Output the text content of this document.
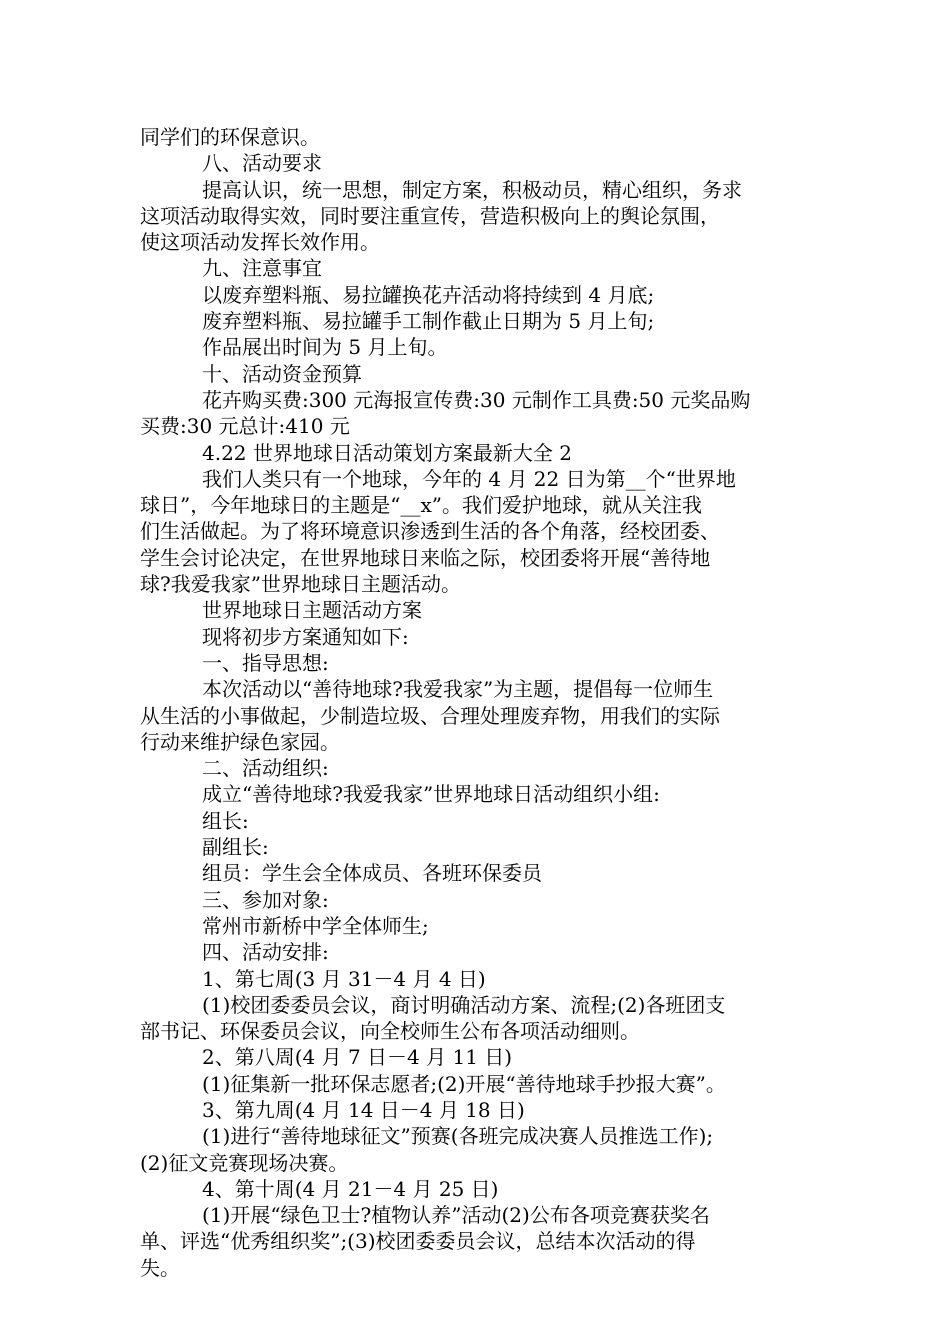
同学们的环保意识。
八、活动要求
提高认识，统一思想，制定方案，积极动员，精心组织，务求
这项活动取得实效，同时要注重宣传，营造积极向上的舆论氛围，
使这项活动发挥长效作用。
九、注意事宜
以废弃塑料瓶、易拉罐换花卉活动将持续到 4 月底;
废弃塑料瓶、易拉罐手工制作截止日期为 5 月上旬;
作品展出时间为 5 月上旬。
十、活动资金预算
花卉购买费:300 元海报宣传费:30 元制作工具费:50 元奖品购
买费:30 元总计:410 元
4.22 世界地球日活动策划方案最新大全 2
我们人类只有一个地球，今年的 4 月 22 日为第__个“世界地
球日”，今年地球日的主题是“__x”。我们爱护地球，就从关注我
们生活做起。为了将环境意识渗透到生活的各个角落，经校团委、
学生会讨论决定，在世界地球日来临之际，校团委将开展“善待地
球?我爱我家”世界地球日主题活动。
世界地球日主题活动方案
现将初步方案通知如下:
一、指导思想:
本次活动以“善待地球?我爱我家”为主题，提倡每一位师生
从生活的小事做起，少制造垃圾、合理处理废弃物，用我们的实际
行动来维护绿色家园。
二、活动组织:
成立“善待地球?我爱我家”世界地球日活动组织小组:
组长:
副组长:
组员：学生会全体成员、各班环保委员
三、参加对象:
常州市新桥中学全体师生;
四、活动安排:
1、第七周(3 月 31－4 月 4 日)
(1)校团委委员会议，商讨明确活动方案、流程;(2)各班团支
部书记、环保委员会议，向全校师生公布各项活动细则。
2、第八周(4 月 7 日－4 月 11 日)
(1)征集新一批环保志愿者;(2)开展“善待地球手抄报大赛”。
3、第九周(4 月 14 日－4 月 18 日)
(1)进行“善待地球征文”预赛(各班完成决赛人员推选工作);
(2)征文竞赛现场决赛。
4、第十周(4 月 21－4 月 25 日)
(1)开展“绿色卫士?植物认养”活动(2)公布各项竞赛获奖名
单、评选“优秀组织奖”;(3)校团委委员会议，总结本次活动的得
失。
